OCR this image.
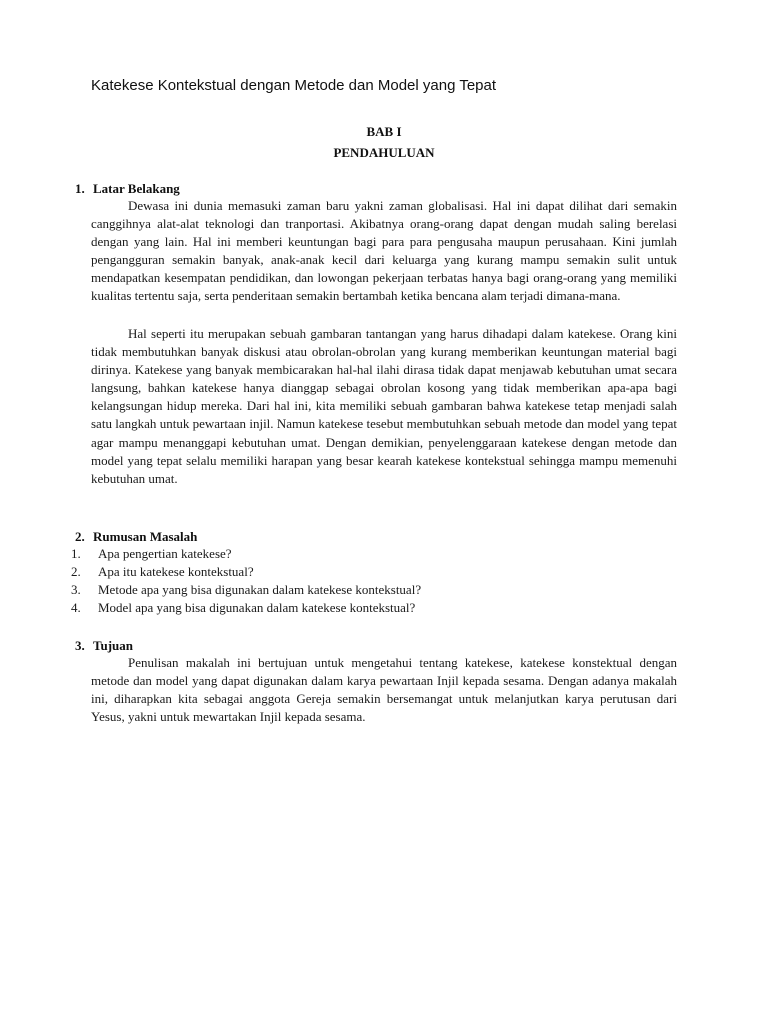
Katekese Kontekstual dengan Metode dan Model yang Tepat
BAB I
PENDAHULUAN
1. Latar Belakang

Dewasa ini dunia memasuki zaman baru yakni zaman globalisasi. Hal ini dapat dilihat dari semakin canggihnya alat-alat teknologi dan tranportasi. Akibatnya orang-orang dapat dengan mudah saling berelasi dengan yang lain. Hal ini memberi keuntungan bagi para para pengusaha maupun perusahaan. Kini jumlah pengangguran semakin banyak, anak-anak kecil dari keluarga yang kurang mampu semakin sulit untuk mendapatkan kesempatan pendidikan, dan lowongan pekerjaan terbatas hanya bagi orang-orang yang memiliki kualitas tertentu saja, serta penderitaan semakin bertambah ketika bencana alam terjadi dimana-mana.

Hal seperti itu merupakan sebuah gambaran tantangan yang harus dihadapi dalam katekese. Orang kini tidak membutuhkan banyak diskusi atau obrolan-obrolan yang kurang memberikan keuntungan material bagi dirinya. Katekese yang banyak membicarakan hal-hal ilahi dirasa tidak dapat menjawab kebutuhan umat secara langsung, bahkan katekese hanya dianggap sebagai obrolan kosong yang tidak memberikan apa-apa bagi kelangsungan hidup mereka. Dari hal ini, kita memiliki sebuah gambaran bahwa katekese tetap menjadi salah satu langkah untuk pewartaan injil. Namun katekese tesebut membutuhkan sebuah metode dan model yang tepat agar mampu menanggapi kebutuhan umat. Dengan demikian, penyelenggaraan katekese dengan metode dan model yang tepat selalu memiliki harapan yang besar kearah katekese kontekstual sehingga mampu memenuhi kebutuhan umat.

2. Rumusan Masalah
1. Apa pengertian katekese?
2. Apa itu katekese kontekstual?
3. Metode apa yang bisa digunakan dalam katekese kontekstual?
4. Model apa yang bisa digunakan dalam katekese kontekstual?
3. Tujuan

Penulisan makalah ini bertujuan untuk mengetahui tentang katekese, katekese konstektual dengan metode dan model yang dapat digunakan dalam karya pewartaan Injil kepada sesama. Dengan adanya makalah ini, diharapkan kita sebagai anggota Gereja semakin bersemangat untuk melanjutkan karya perutusan dari Yesus, yakni untuk mewartakan Injil kepada sesama.
